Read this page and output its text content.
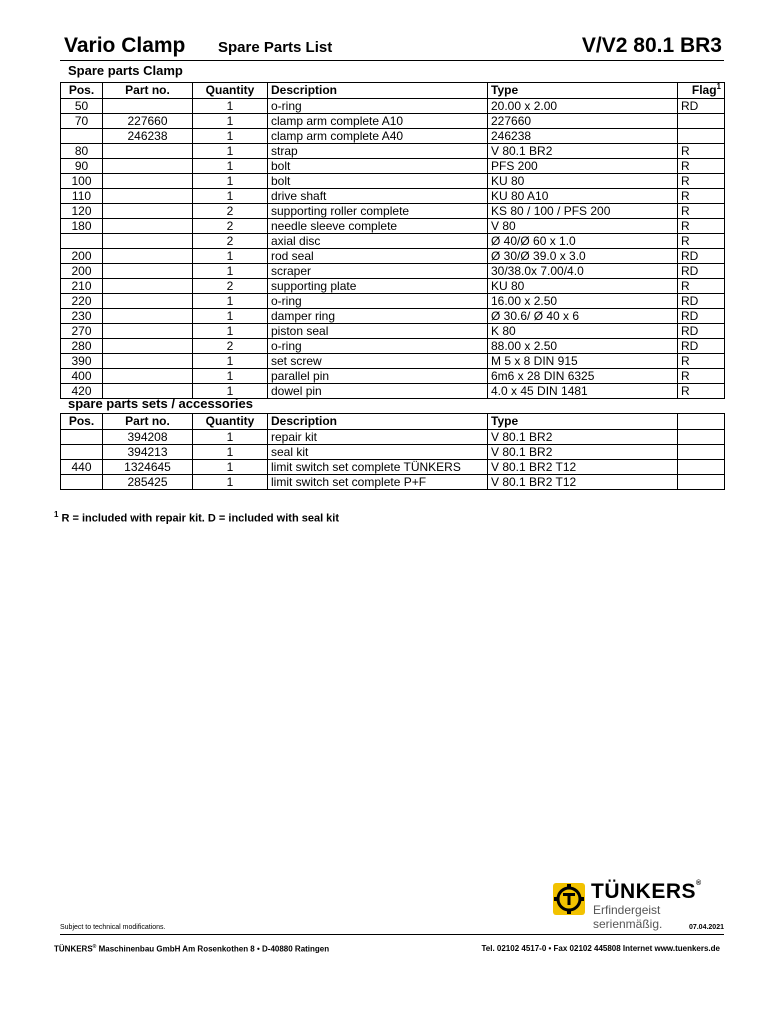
Vario Clamp Spare Parts List	V/V2 80.1 BR3
Spare parts Clamp
Pos.	Part no.	Quantity	Description	Type	Flag$^1$
50		1	o-ring	20.00 x 2.00	RD
70	227660	1	clamp arm complete A10	227660	
	246238	1	clamp arm complete A40	246238	
80		1	strap	V 80.1 BR2	R
90		1	bolt	PFS 200	R
100		1	bolt	KU 80	R
110		1	drive shaft	KU 80 A10	R
120		2	supporting roller complete	KS 80 / 100 / PFS 200	R
180		2	needle sleeve complete	V 80	R
		2	axial disc	Ø 40/Ø 60 x 1.0	R
200		1	rod seal	Ø 30/Ø 39.0 x 3.0	RD
200		1	scraper	30/38.0x 7.00/4.0	RD
210		2	supporting plate	KU 80	R
220		1	o-ring	16.00 x 2.50	RD
230		1	damper ring	Ø 30.6/ Ø 40 x 6	RD
270		1	piston seal	K 80	RD
280		2	o-ring	88.00 x 2.50	RD
390		1	set screw	M 5 x 8 DIN 915	R
400		1	parallel pin	6m6 x 28 DIN 6325	R
420		1	dowel pin	4.0 x 45 DIN 1481	R
spare parts sets / accessories
Pos.	Part no.	Quantity	Description	Type	
	394208	1	repair kit	V 80.1 BR2	
	394213	1	seal kit	V 80.1 BR2	
440	1324645	1	limit switch set complete TÜNKERS	V 80.1 BR2 T12	
	285425	1	limit switch set complete P+F	V 80.1 BR2 T12	
$^1$ R = included with repair kit. D = included with seal kit
TÜNKERS®
Erfindergeist serienmäßig.
Subject to technical modifications.	07.04.2021
TÜNKERS® Maschinenbau GmbH Am Rosenkothen 8 • D-40880 Ratingen	Tel. 02102 4517-0 • Fax 02102 445808 Internet www.tuenkers.de
